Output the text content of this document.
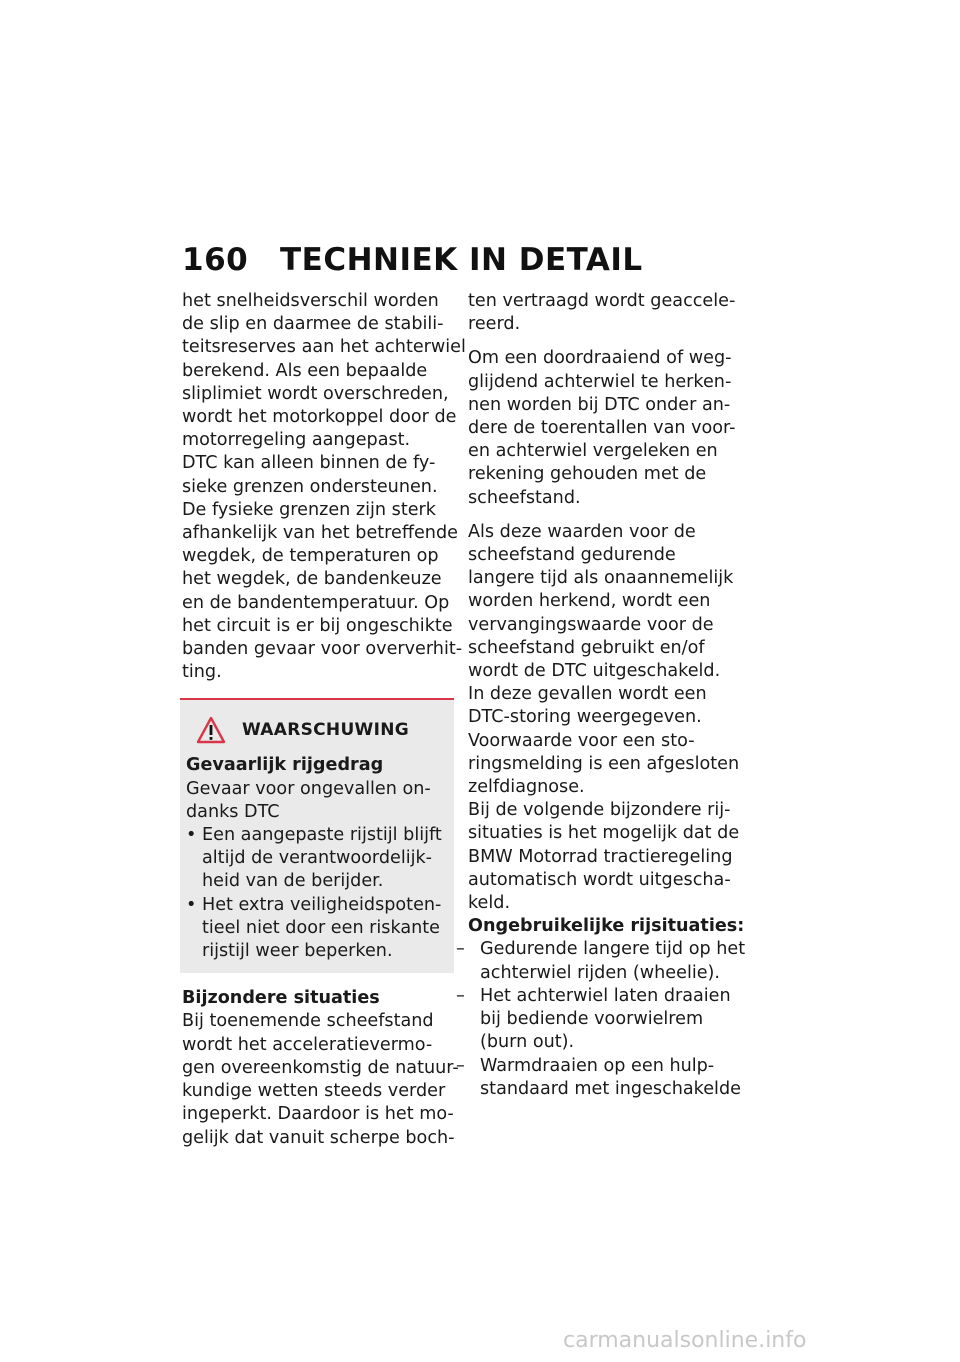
160 TECHNIEK IN DETAIL
het snelheidsverschil worden
de slip en daarmee de stabili-
teitsreserves aan het achterwiel
berekend. Als een bepaalde
sliplimiet wordt overschreden,
wordt het motorkoppel door de
motorregeling aangepast.
DTC kan alleen binnen de fy-
sieke grenzen ondersteunen.
De fysieke grenzen zijn sterk
afhankelijk van het betreffende
wegdek, de temperaturen op
het wegdek, de bandenkeuze
en de bandentemperatuur. Op
het circuit is er bij ongeschikte
banden gevaar voor oververhit-
ting.
WAARSCHUWING
Gevaarlijk rijgedrag
Gevaar voor ongevallen on-
danks DTC
• Een aangepaste rijstijl blijft
altijd de verantwoordelijk-
heid van de berijder.
• Het extra veiligheidspoten-
tieel niet door een riskante
rijstijl weer beperken.
Bijzondere situaties
Bij toenemende scheefstand
wordt het acceleratievermo-
gen overeenkomstig de natuur-
kundige wetten steeds verder
ingeperkt. Daardoor is het mo-
gelijk dat vanuit scherpe boch-
ten vertraagd wordt geaccele-
reerd.
Om een doordraaiend of weg-
glijdend achterwiel te herken-
nen worden bij DTC onder an-
dere de toerentallen van voor-
en achterwiel vergeleken en
rekening gehouden met de
scheefstand.
Als deze waarden voor de
scheefstand gedurende
langere tijd als onaannemelijk
worden herkend, wordt een
vervangingswaarde voor de
scheefstand gebruikt en/of
wordt de DTC uitgeschakeld.
In deze gevallen wordt een
DTC-storing weergegeven.
Voorwaarde voor een sto-
ringsmelding is een afgesloten
zelfdiagnose.
Bij de volgende bijzondere rij-
situaties is het mogelijk dat de
BMW Motorrad tractieregeling
automatisch wordt uitgescha-
keld.
Ongebruikelijke rijsituaties:
– Gedurende langere tijd op het
achterwiel rijden (wheelie).
– Het achterwiel laten draaien
bij bediende voorwielrem
(burn out).
– Warmdraaien op een hulp-
standaard met ingeschakelde
carmanualsonline.info
